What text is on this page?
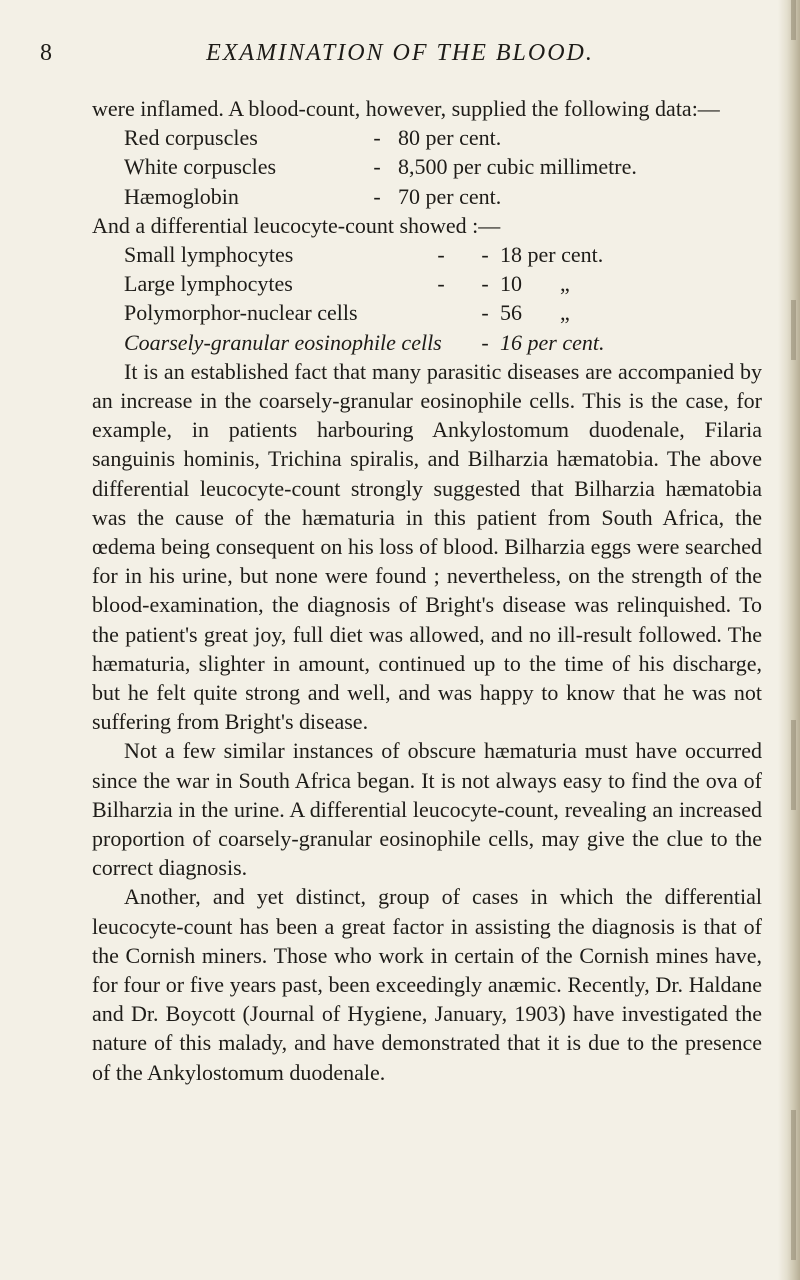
8	EXAMINATION OF THE BLOOD.

were inflamed. A blood-count, however, supplied the following data:—

Red corpuscles	- 80 per cent.
White corpuscles	- 8,500 per cubic millimetre.
Hæmoglobin	- 70 per cent.

And a differential leucocyte-count showed :—

Small lymphocytes	-	- 18 per cent.
Large lymphocytes	-	- 10	„
Polymorphor-nuclear cells	- 56	„
Coarsely-granular eosinophile cells	- 16 per cent.

It is an established fact that many parasitic diseases are accompanied by an increase in the coarsely-granular eosinophile cells. This is the case, for example, in patients harbouring Ankylostomum duodenale, Filaria sanguinis hominis, Trichina spiralis, and Bilharzia hæmatobia. The above differential leucocyte-count strongly suggested that Bilharzia hæmatobia was the cause of the hæmaturia in this patient from South Africa, the œdema being consequent on his loss of blood. Bilharzia eggs were searched for in his urine, but none were found ; nevertheless, on the strength of the blood-examination, the diagnosis of Bright's disease was relinquished. To the patient's great joy, full diet was allowed, and no ill-result followed. The hæmaturia, slighter in amount, continued up to the time of his discharge, but he felt quite strong and well, and was happy to know that he was not suffering from Bright's disease.

Not a few similar instances of obscure hæmaturia must have occurred since the war in South Africa began. It is not always easy to find the ova of Bilharzia in the urine. A differential leucocyte-count, revealing an increased proportion of coarsely-granular eosinophile cells, may give the clue to the correct diagnosis.

Another, and yet distinct, group of cases in which the differential leucocyte-count has been a great factor in assisting the diagnosis is that of the Cornish miners. Those who work in certain of the Cornish mines have, for four or five years past, been exceedingly anæmic. Recently, Dr. Haldane and Dr. Boycott (Journal of Hygiene, January, 1903) have investigated the nature of this malady, and have demonstrated that it is due to the presence of the Ankylostomum duodenale.
